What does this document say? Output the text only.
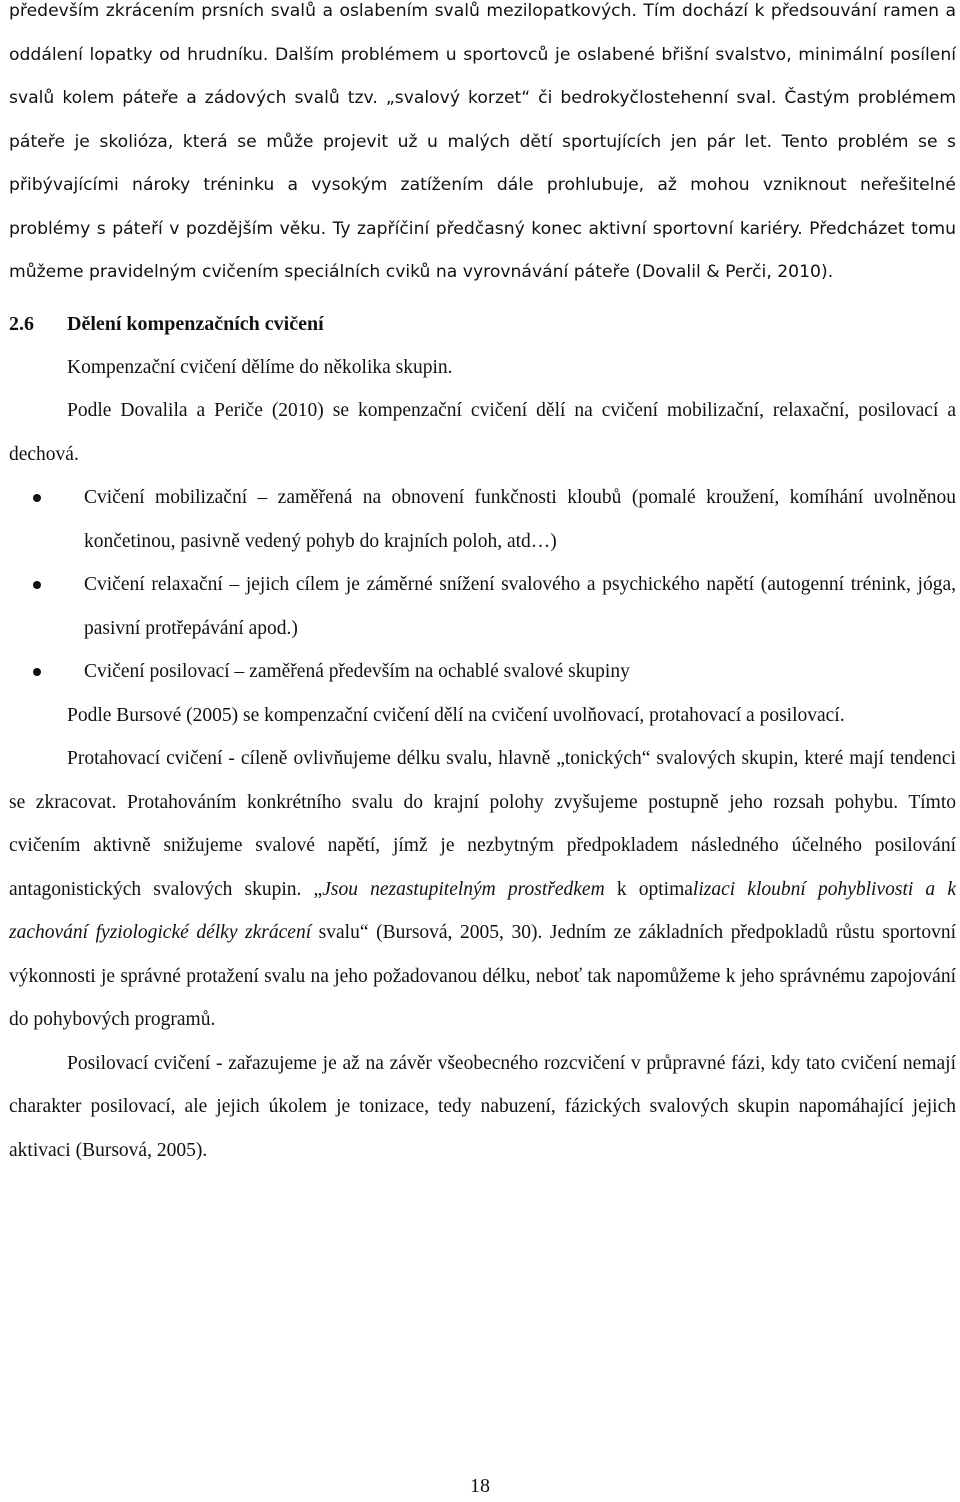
především zkrácením prsních svalů a oslabením svalů mezilopatkových. Tím dochází k předsouvání ramen a oddálení lopatky od hrudníku. Dalším problémem u sportovců je oslabené břišní svalstvo, minimální posílení svalů kolem páteře a zádových svalů tzv. „svalový korzet“ či bedrokyčlostehenní sval. Častým problémem páteře je skolióza, která se může projevit už u malých dětí sportujících jen pár let. Tento problém se s přibývajícími nároky tréninku a vysokým zatížením dále prohlubuje, až mohou vzniknout neřešitelné problémy s páteří v pozdějším věku. Ty zapříčiní předčasný konec aktivní sportovní kariéry. Předcházet tomu můžeme pravidelným cvičením speciálních cviků na vyrovnávání páteře (Dovalil & Perči, 2010).

2.6 Dělení kompenzačních cvičení

Kompenzační cvičení dělíme do několika skupin.

Podle Dovalila a Periče (2010) se kompenzační cvičení dělí na cvičení mobilizační, relaxační, posilovací a dechová.

Cvičení mobilizační – zaměřená na obnovení funkčnosti kloubů (pomalé kroužení, komíhání uvolněnou končetinou, pasivně vedený pohyb do krajních poloh, atd…)
Cvičení relaxační – jejich cílem je záměrné snížení svalového a psychického napětí (autogenní trénink, jóga, pasivní protřepávání apod.)
Cvičení posilovací – zaměřená především na ochablé svalové skupiny

Podle Bursové (2005) se kompenzační cvičení dělí na cvičení uvolňovací, protahovací a posilovací.

Protahovací cvičení - cíleně ovlivňujeme délku svalu, hlavně „tonických“ svalových skupin, které mají tendenci se zkracovat. Protahováním konkrétního svalu do krajní polohy zvyšujeme postupně jeho rozsah pohybu. Tímto cvičením aktivně snižujeme svalové napětí, jímž je nezbytným předpokladem následného účelného posilování antagonistických svalových skupin. „Jsou nezastupitelným prostředkem k optimalizaci kloubní pohyblivosti a k zachování fyziologické délky zkrácení svalu“ (Bursová, 2005, 30). Jedním ze základních předpokladů růstu sportovní výkonnosti je správné protažení svalu na jeho požadovanou délku, neboť tak napomůžeme k jeho správnému zapojování do pohybových programů.

Posilovací cvičení - zařazujeme je až na závěr všeobecného rozcvičení v průpravné fázi, kdy tato cvičení nemají charakter posilovací, ale jejich úkolem je tonizace, tedy nabuzení, fázických svalových skupin napomáhající jejich aktivaci (Bursová, 2005).

18
